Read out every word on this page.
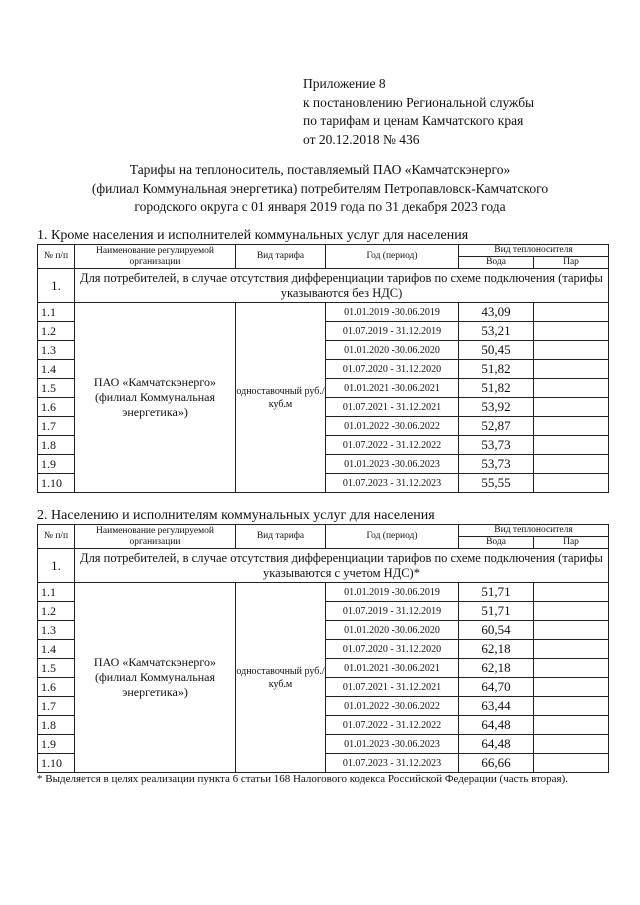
Приложение 8
к постановлению Региональной службы
по тарифам и ценам Камчатского края
от 20.12.2018 № 436
Тарифы на теплоноситель, поставляемый ПАО «Камчатскэнерго»
(филиал Коммунальная энергетика) потребителям Петропавловск-Камчатского
городского округа с 01 января 2019 года по 31 декабря 2023 года
1. Кроме населения и исполнителей коммунальных услуг для населения
№ п/п	Наименование регулируемой организации	Вид тарифа	Год (период)	Вид теплоносителя	
				Вода	Пар
1.	Для потребителей, в случае отсутствия дифференциации тарифов по схеме подключения (тарифы указываются без НДС)				
1.1	ПАО «Камчатскэнерго» (филиал Коммунальная энергетика»)	одноставочный руб./куб.м	01.01.2019 -30.06.2019	43,09	
1.2			01.07.2019 - 31.12.2019	53,21	
1.3			01.01.2020 -30.06.2020	50,45	
1.4			01.07.2020 - 31.12.2020	51,82	
1.5			01.01.2021 -30.06.2021	51,82	
1.6			01.07.2021 - 31.12.2021	53,92	
1.7			01.01.2022 -30.06.2022	52,87	
1.8			01.07.2022 - 31.12.2022	53,73	
1.9			01.01.2023 -30.06.2023	53,73	
1.10			01.07.2023 - 31.12.2023	55,55	
2. Населению и исполнителям коммунальных услуг для населения
№ п/п	Наименование регулируемой организации	Вид тарифа	Год (период)	Вид теплоносителя	
				Вода	Пар
1.	Для потребителей, в случае отсутствия дифференциации тарифов по схеме подключения (тарифы указываются с учетом НДС)*				
1.1	ПАО «Камчатскэнерго» (филиал Коммунальная энергетика»)	одноставочный руб./куб.м	01.01.2019 -30.06.2019	51,71	
1.2			01.07.2019 - 31.12.2019	51,71	
1.3			01.01.2020 -30.06.2020	60,54	
1.4			01.07.2020 - 31.12.2020	62,18	
1.5			01.01.2021 -30.06.2021	62,18	
1.6			01.07.2021 - 31.12.2021	64,70	
1.7			01.01.2022 -30.06.2022	63,44	
1.8			01.07.2022 - 31.12.2022	64,48	
1.9			01.01.2023 -30.06.2023	64,48	
1.10			01.07.2023 - 31.12.2023	66,66	
* Выделяется в целях реализации пункта 6 статьи 168 Налогового кодекса Российской Федерации (часть вторая).
